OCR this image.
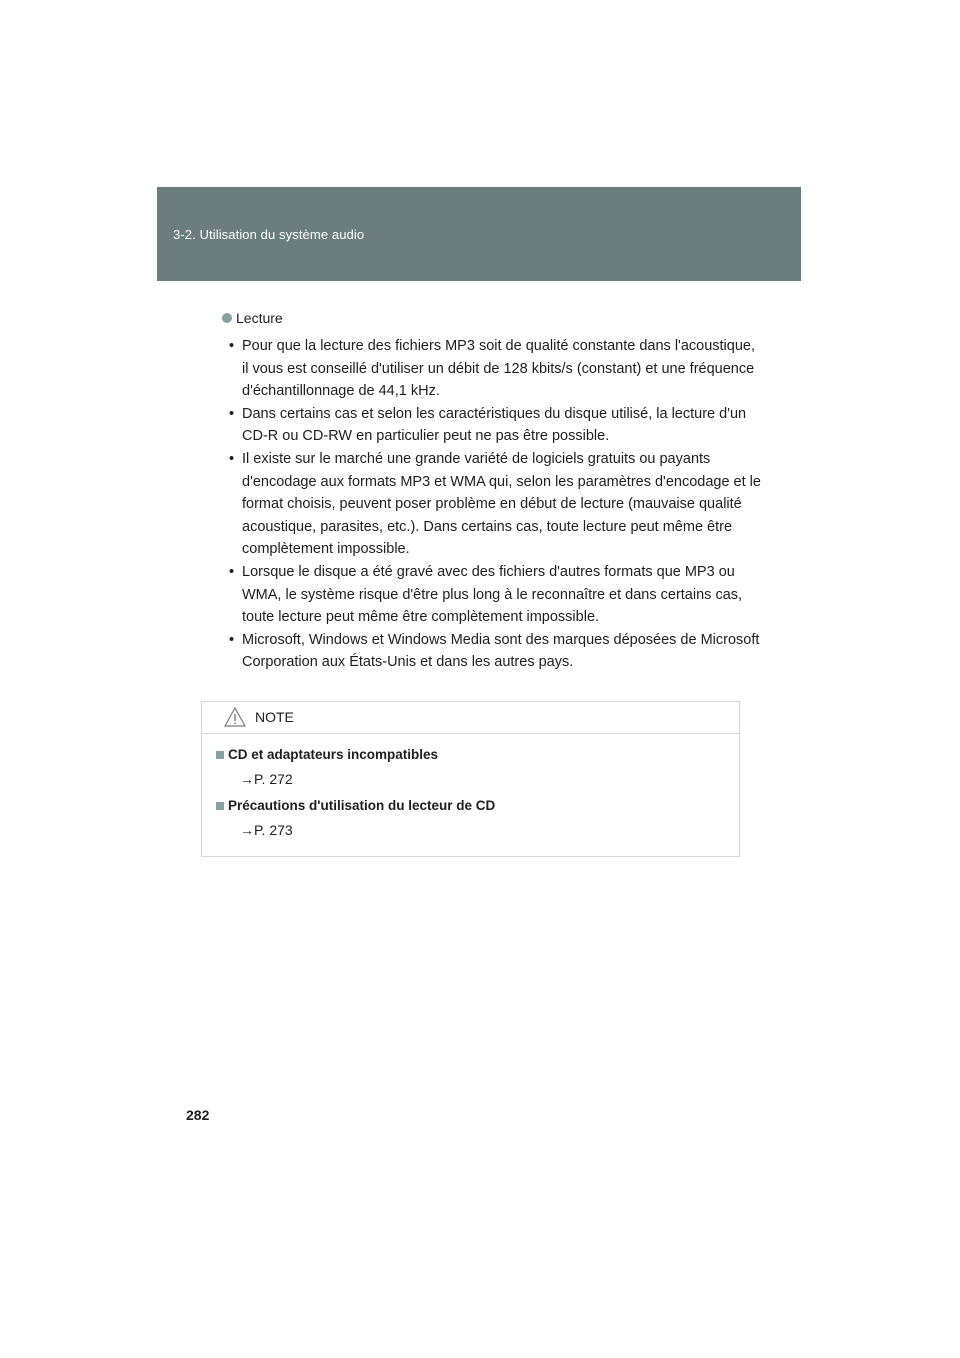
3-2. Utilisation du système audio
Lecture
• Pour que la lecture des fichiers MP3 soit de qualité constante dans l'acoustique, il vous est conseillé d'utiliser un débit de 128 kbits/s (constant) et une fréquence d'échantillonnage de 44,1 kHz.
• Dans certains cas et selon les caractéristiques du disque utilisé, la lecture d'un CD-R ou CD-RW en particulier peut ne pas être possible.
• Il existe sur le marché une grande variété de logiciels gratuits ou payants d'encodage aux formats MP3 et WMA qui, selon les paramètres d'encodage et le format choisis, peuvent poser problème en début de lecture (mauvaise qualité acoustique, parasites, etc.). Dans certains cas, toute lecture peut même être complètement impossible.
• Lorsque le disque a été gravé avec des fichiers d'autres formats que MP3 ou WMA, le système risque d'être plus long à le reconnaître et dans certains cas, toute lecture peut même être complètement impossible.
• Microsoft, Windows et Windows Media sont des marques déposées de Microsoft Corporation aux États-Unis et dans les autres pays.
NOTE
CD et adaptateurs incompatibles
→P. 272
Précautions d'utilisation du lecteur de CD
→P. 273
282
